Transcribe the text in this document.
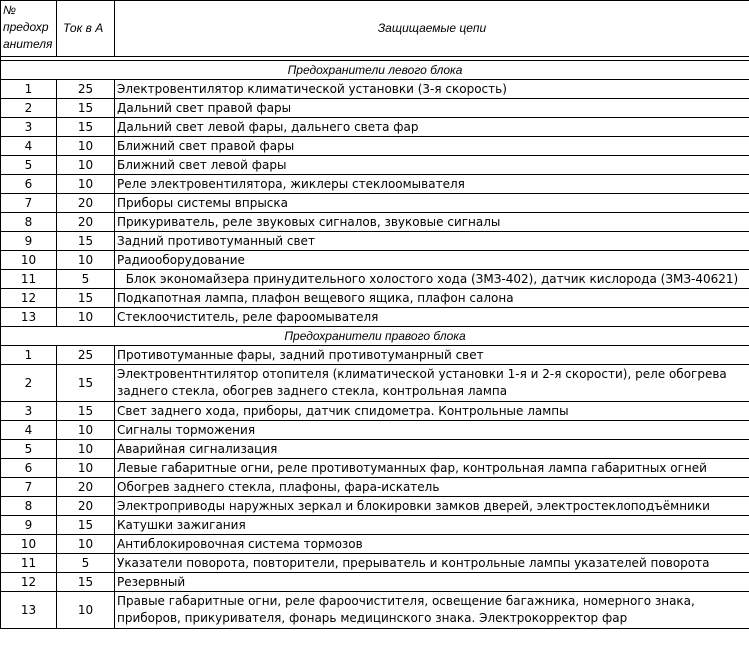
№ предохр анителя	Ток в А	Защищаемые цепи

Предохранители левого блока		
1	25	Электровентилятор климатической установки (3-я скорость)
2	15	Дальний свет правой фары
3	15	Дальний свет левой фары, дальнего света фар
4	10	Ближний свет правой фары
5	10	Ближний свет левой фары
6	10	Реле электровентилятора, жиклеры стеклоомывателя
7	20	Приборы системы впрыска
8	20	Прикуриватель, реле звуковых сигналов, звуковые сигналы
9	15	Задний противотуманный свет
10	10	Радиооборудование
11	5	Блок экономайзера принудительного холостого хода (ЗМЗ-402), датчик кислорода (ЗМЗ-40621)
12	15	Подкапотная лампа, плафон вещевого ящика, плафон салона
13	10	Стеклоочиститель, реле фароомывателя
Предохранители правого блока		
1	25	Противотуманные фары, задний противотуманрный свет
2	15	Электровентнтилятор отопителя (климатической установки 1-я и 2-я скорости), реле обогрева заднего стекла, обогрев заднего стекла, контрольная лампа
3	15	Свет заднего хода, приборы, датчик спидометра. Контрольные лампы
4	10	Сигналы торможения
5	10	Аварийная сигнализация
6	10	Левые габаритные огни, реле противотуманных фар, контрольная лампа габаритных огней
7	20	Обогрев заднего стекла, плафоны, фара-искатель
8	20	Электроприводы наружных зеркал и блокировки замков дверей, электростеклоподъёмники
9	15	Катушки зажигания
10	10	Антиблокировочная система тормозов
11	5	Указатели поворота, повторители, прерыватель и контрольные лампы указателей поворота
12	15	Резервный
13	10	Правые габаритные огни, реле фароочистителя, освещение багажника, номерного знака, приборов, прикуривателя, фонарь медицинского знака. Электрокорректор фар
